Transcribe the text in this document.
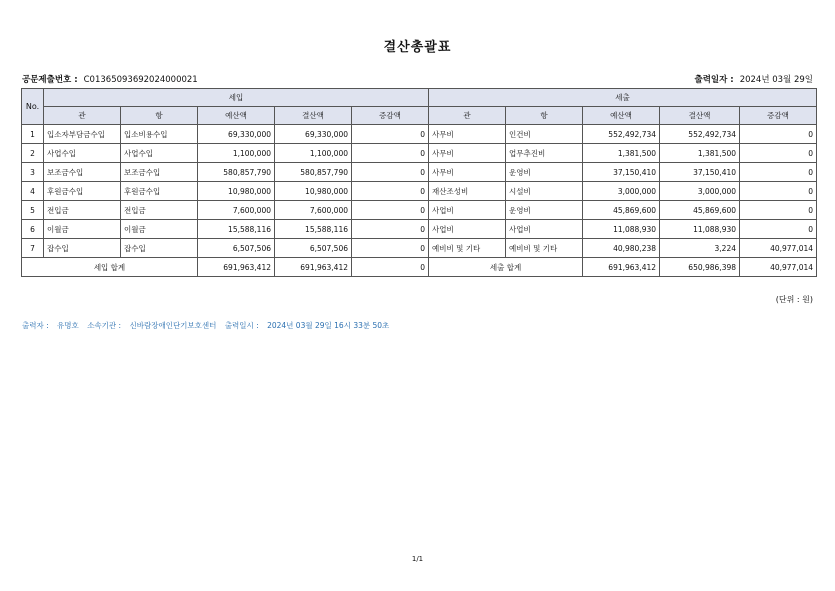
결산총괄표
공문제출번호 : C01365093692024000021	출력일자 : 2024년 03월 29일
No.	세입					세출				
	관	항	예산액	결산액	증감액	관	항	예산액	결산액	증감액
1	입소자부담금수입	입소비용수입	69,330,000	69,330,000	0	사무비	인건비	552,492,734	552,492,734	0
2	사업수입	사업수입	1,100,000	1,100,000	0	사무비	업무추진비	1,381,500	1,381,500	0
3	보조금수입	보조금수입	580,857,790	580,857,790	0	사무비	운영비	37,150,410	37,150,410	0
4	후원금수입	후원금수입	10,980,000	10,980,000	0	재산조성비	시설비	3,000,000	3,000,000	0
5	전입금	전입금	7,600,000	7,600,000	0	사업비	운영비	45,869,600	45,869,600	0
6	이월금	이월금	15,588,116	15,588,116	0	사업비	사업비	11,088,930	11,088,930	0
7	잡수입	잡수입	6,507,506	6,507,506	0	예비비 및 기타	예비비 및 기타	40,980,238	3,224	40,977,014
세입 합계			691,963,412	691,963,412	0	세출 합계		691,963,412	650,986,398	40,977,014
(단위 : 원)
출력자 : 유명호 소속기관 : 신바람장애인단기보호센터 출력일시 : 2024년 03월 29일 16시 33분 50초
1/1
